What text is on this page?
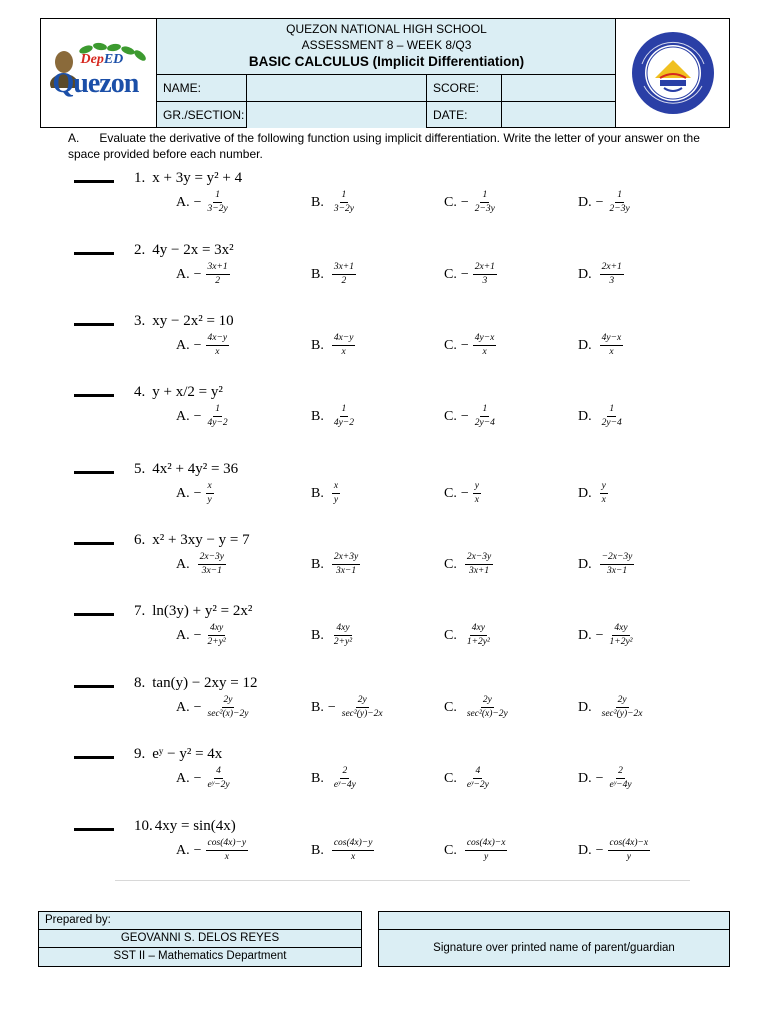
DepED
Quezon
QUEZON NATIONAL HIGH SCHOOL
ASSESSMENT 8 – WEEK 8/Q3
BASIC CALCULUS (Implicit Differentiation)
NAME:	SCORE:
GR./SECTION:	DATE:
A. Evaluate the derivative of the following function using implicit differentiation. Write the letter of your answer on the space provided before each number.
1. x + 3y = y² + 4
A. − $\frac{1}{3-2y}$	B. $\frac{1}{3-2y}$	C. − $\frac{1}{2-3y}$	D. − $\frac{1}{2-3y}$
2. 4y − 2x = 3x²
A. − $\frac{3x+1}{2}$	B. $\frac{3x+1}{2}$	C. − $\frac{2x+1}{3}$	D. $\frac{2x+1}{3}$
3. xy − 2x² = 10
A. − $\frac{4x-y}{x}$	B. $\frac{4x-y}{x}$	C. − $\frac{4y-x}{x}$	D. $\frac{4y-x}{x}$
4. y + x/2 = y²
A. − $\frac{1}{4y-2}$	B. $\frac{1}{4y-2}$	C. − $\frac{1}{2y-4}$	D. $\frac{1}{2y-4}$
5. 4x² + 4y² = 36
A. − $\frac{x}{y}$	B. $\frac{x}{y}$	C. − $\frac{y}{x}$	D. $\frac{y}{x}$
6. x² + 3xy − y = 7
A. $\frac{2x-3y}{3x-1}$	B. $\frac{2x+3y}{3x-1}$	C. $\frac{2x-3y}{3x+1}$	D. $\frac{-2x-3y}{3x-1}$
7. ln(3y) + y² = 2x²
A. − $\frac{4xy}{\text{2+y²}}$	B. $\frac{4xy}{\text{2+y²}}$	C. $\frac{4xy}{\text{1+2y²}}$	D. − $\frac{4xy}{\text{1+2y²}}$
8. tan(y) − 2xy = 12
A. − $\frac{2y}{\text{sec²(x)−2y}}$	B. − $\frac{2y}{\text{sec²(y)−2x}}$	C. $\frac{2y}{\text{sec²(x)−2y}}$	D. $\frac{2y}{\text{sec²(y)−2x}}$
9. eʸ − y² = 4x
A. − $\frac{4}{\text{eʸ−2y}}$	B. $\frac{2}{\text{eʸ−4y}}$	C. $\frac{4}{\text{eʸ−2y}}$	D. − $\frac{2}{\text{eʸ−4y}}$
10. 4xy = sin(4x)
A. − $\frac{\cos(4x)-y}{x}$	B. $\frac{\cos(4x)-y}{x}$	C. $\frac{\cos(4x)-x}{y}$	D. − $\frac{\cos(4x)-x}{y}$
Prepared by:
GEOVANNI S. DELOS REYES
SST II – Mathematics Department
Signature over printed name of parent/guardian
